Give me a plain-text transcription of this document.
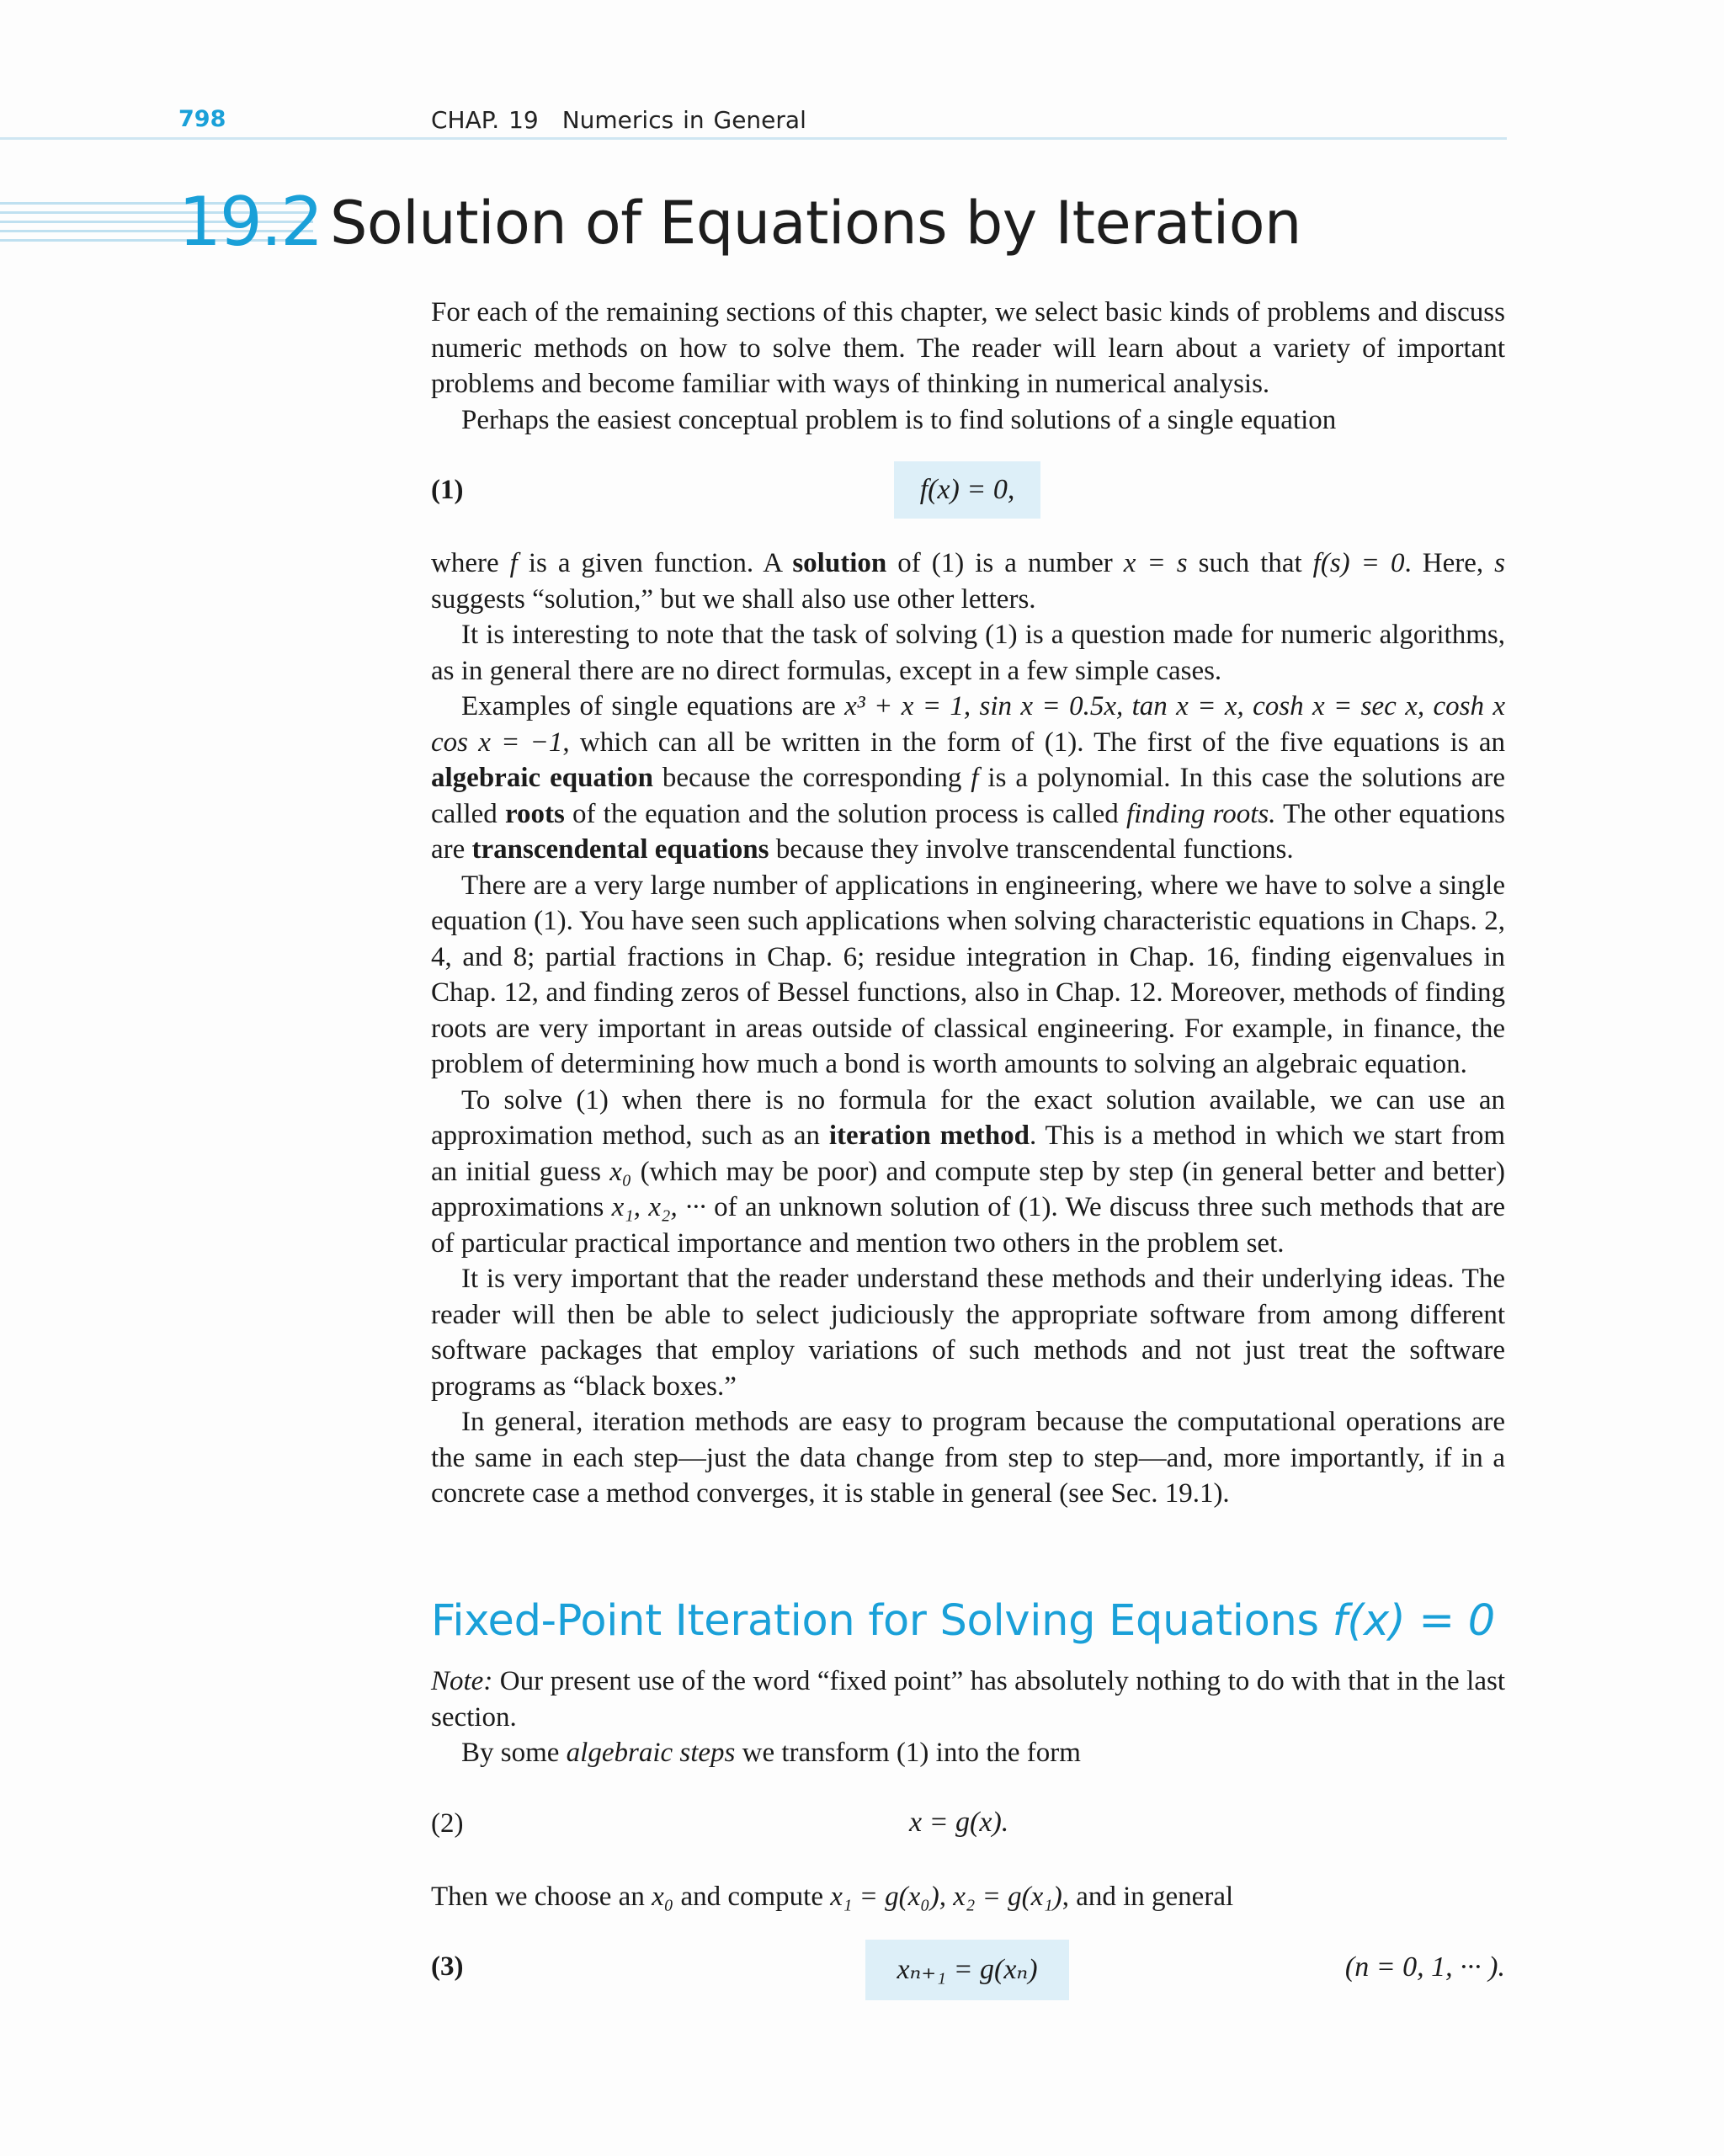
798	CHAP. 19 Numerics in General
19.2 Solution of Equations by Iteration

For each of the remaining sections of this chapter, we select basic kinds of problems and discuss numeric methods on how to solve them. The reader will learn about a variety of important problems and become familiar with ways of thinking in numerical analysis.

Perhaps the easiest conceptual problem is to find solutions of a single equation

(1)	f(x) = 0,

where f is a given function. A solution of (1) is a number x = s such that f(s) = 0. Here, s suggests “solution,” but we shall also use other letters.

It is interesting to note that the task of solving (1) is a question made for numeric algorithms, as in general there are no direct formulas, except in a few simple cases.

Examples of single equations are x³ + x = 1, sin x = 0.5x, tan x = x, cosh x = sec x, cosh x cos x = −1, which can all be written in the form of (1). The first of the five equations is an algebraic equation because the corresponding f is a polynomial. In this case the solutions are called roots of the equation and the solution process is called finding roots. The other equations are transcendental equations because they involve transcendental functions.

There are a very large number of applications in engineering, where we have to solve a single equation (1). You have seen such applications when solving characteristic equations in Chaps. 2, 4, and 8; partial fractions in Chap. 6; residue integration in Chap. 16, finding eigenvalues in Chap. 12, and finding zeros of Bessel functions, also in Chap. 12. Moreover, methods of finding roots are very important in areas outside of classical engineering. For example, in finance, the problem of determining how much a bond is worth amounts to solving an algebraic equation.

To solve (1) when there is no formula for the exact solution available, we can use an approximation method, such as an iteration method. This is a method in which we start from an initial guess x₀ (which may be poor) and compute step by step (in general better and better) approximations x₁, x₂, ··· of an unknown solution of (1). We discuss three such methods that are of particular practical importance and mention two others in the problem set.

It is very important that the reader understand these methods and their underlying ideas. The reader will then be able to select judiciously the appropriate software from among different software packages that employ variations of such methods and not just treat the software programs as “black boxes.”

In general, iteration methods are easy to program because the computational operations are the same in each step—just the data change from step to step—and, more importantly, if in a concrete case a method converges, it is stable in general (see Sec. 19.1).

Fixed-Point Iteration for Solving Equations f(x) = 0

Note: Our present use of the word “fixed point” has absolutely nothing to do with that in the last section.

By some algebraic steps we transform (1) into the form

(2)	x = g(x).

Then we choose an x₀ and compute x₁ = g(x₀), x₂ = g(x₁), and in general

(3)	xₙ₊₁ = g(xₙ)	(n = 0, 1, ··· ).
